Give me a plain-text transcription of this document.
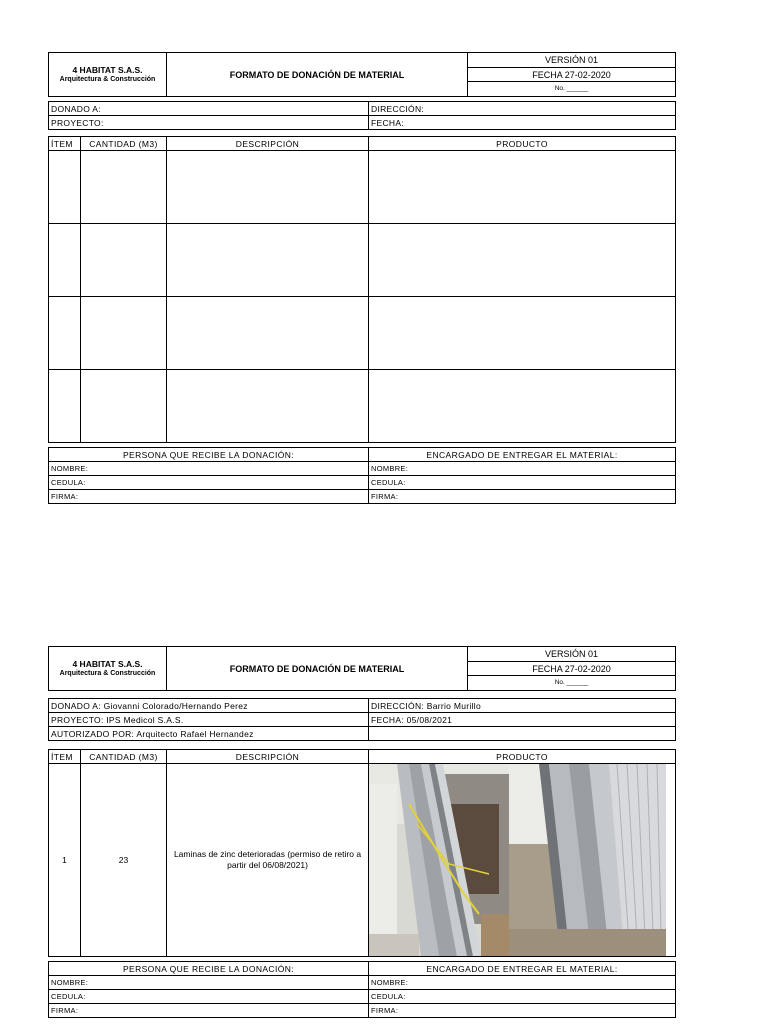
4 HABITAT S.A.S.
Arquitectura & Construcción	FORMATO DE DONACIÓN DE MATERIAL	VERSIÓN 01
FECHA 27-02-2020
No. ______
DONADO A:	DIRECCIÓN:
PROYECTO:	FECHA:
ÍTEM	CANTIDAD (M3)	DESCRIPCIÓN	PRODUCTO

PERSONA QUE RECIBE LA DONACIÓN:	ENCARGADO DE ENTREGAR EL MATERIAL:
NOMBRE:	NOMBRE:
CEDULA:	CEDULA:
FIRMA:	FIRMA:
4 HABITAT S.A.S.
Arquitectura & Construcción	FORMATO DE DONACIÓN DE MATERIAL	VERSIÓN 01
FECHA 27-02-2020
No. ______
DONADO A: Giovanni Colorado/Hernando Perez	DIRECCIÓN: Barrio Murillo
PROYECTO: IPS Medicol S.A.S.	FECHA: 05/08/2021
AUTORIZADO POR: Arquitecto Rafael Hernandez	
ÍTEM	CANTIDAD (M3)	DESCRIPCIÓN	PRODUCTO
1	23	Laminas de zinc deterioradas (permiso de retiro a partir del 06/08/2021)	
PERSONA QUE RECIBE LA DONACIÓN:	ENCARGADO DE ENTREGAR EL MATERIAL:
NOMBRE:	NOMBRE:
CEDULA:	CEDULA:
FIRMA:	FIRMA:
